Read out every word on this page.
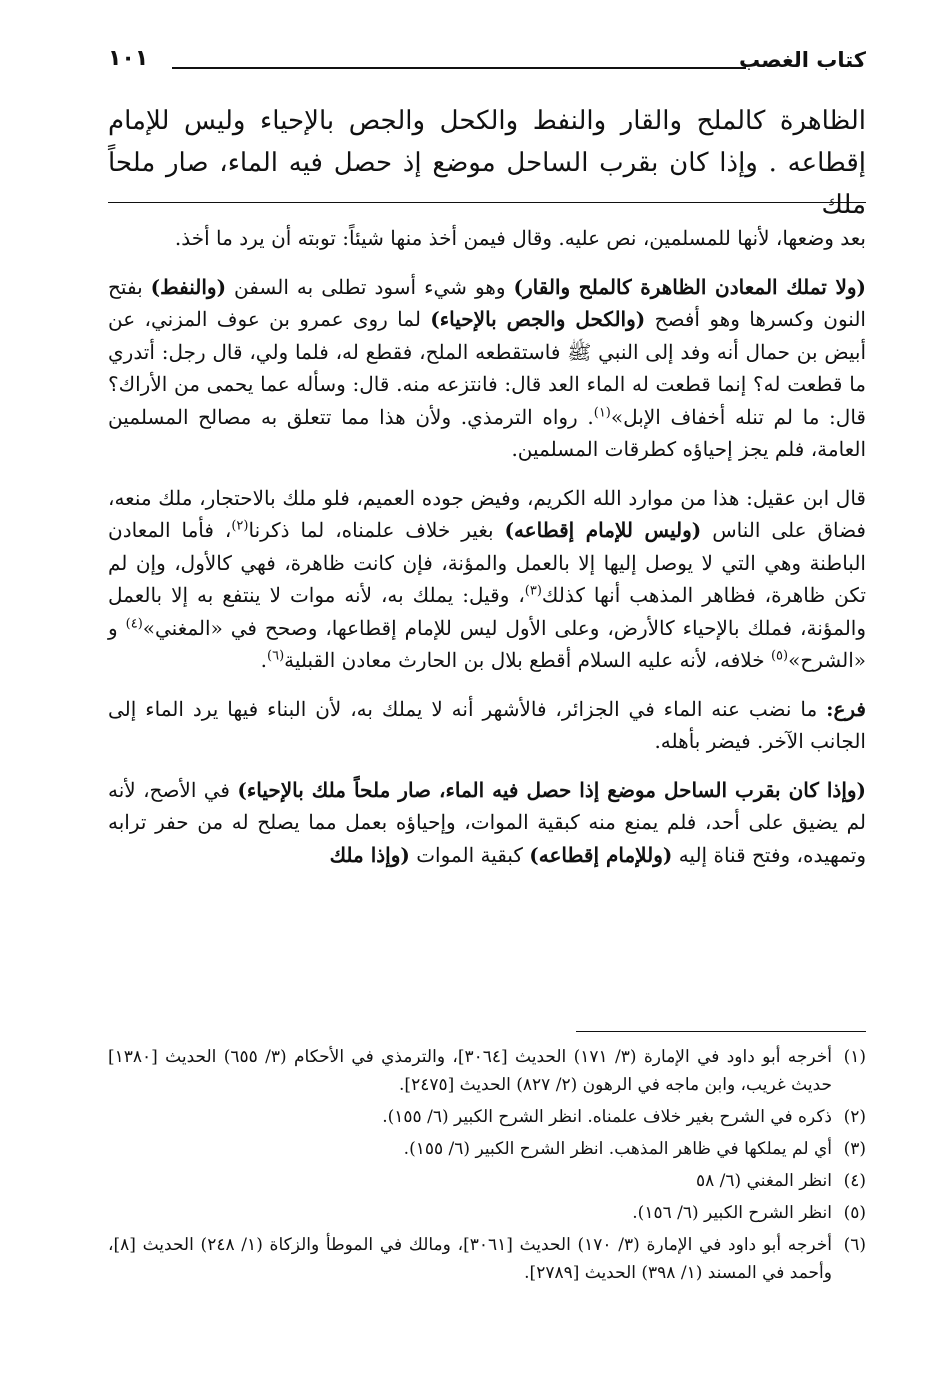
كتاب الغصب
١٠١
الظاهرة كالملح والقار والنفط والكحل والجص بالإحياء وليس للإمام إقطاعه . وإذا كان بقرب الساحل موضع إذ حصل فيه الماء، صار ملحاً ملك

بعد وضعها، لأنها للمسلمين، نص عليه. وقال فيمن أخذ منها شيئاً: توبته أن يرد ما أخذ.

(ولا تملك المعادن الظاهرة كالملح والقار) وهو شيء أسود تطلى به السفن (والنفط) بفتح النون وكسرها وهو أفصح (والكحل والجص بالإحياء) لما روى عمرو بن عوف المزني، عن أبيض بن حمال أنه وفد إلى النبي ﷺ فاستقطعه الملح، فقطع له، فلما ولي، قال رجل: أتدري ما قطعت له؟ إنما قطعت له الماء العد قال: فانتزعه منه. قال: وسأله عما يحمى من الأراك؟ قال: ما لم تنله أخفاف الإبل»$^{(١)}$. رواه الترمذي. ولأن هذا مما تتعلق به مصالح المسلمين العامة، فلم يجز إحياؤه كطرقات المسلمين.

قال ابن عقيل: هذا من موارد الله الكريم، وفيض جوده العميم، فلو ملك بالاحتجار، ملك منعه، فضاق على الناس (وليس للإمام إقطاعه) بغير خلاف علمناه، لما ذكرنا$^{(٢)}$، فأما المعادن الباطنة وهي التي لا يوصل إليها إلا بالعمل والمؤنة، فإن كانت ظاهرة، فهي كالأول، وإن لم تكن ظاهرة، فظاهر المذهب أنها كذلك$^{(٣)}$، وقيل: يملك به، لأنه موات لا ينتفع به إلا بالعمل والمؤنة، فملك بالإحياء كالأرض، وعلى الأول ليس للإمام إقطاعها، وصحح في «المغني»$^{(٤)}$ و «الشرح»$^{(٥)}$ خلافه، لأنه عليه السلام أقطع بلال بن الحارث معادن القبلية$^{(٦)}$.

فرع: ما نضب عنه الماء في الجزائر، فالأشهر أنه لا يملك به، لأن البناء فيها يرد الماء إلى الجانب الآخر. فيضر بأهله.

(وإذا كان بقرب الساحل موضع إذا حصل فيه الماء، صار ملحاً ملك بالإحياء) في الأصح، لأنه لم يضيق على أحد، فلم يمنع منه كبقية الموات، وإحياؤه بعمل مما يصلح له من حفر ترابه وتمهيده، وفتح قناة إليه (وللإمام إقطاعه) كبقية الموات (وإذا ملك

(١)
أخرجه أبو داود في الإمارة (٣/ ١٧١) الحديث [٣٠٦٤]، والترمذي في الأحكام (٣/ ٦٥٥) الحديث [١٣٨٠] حديث غريب، وابن ماجه في الرهون (٢/ ٨٢٧) الحديث [٢٤٧٥].
(٢)
ذكره في الشرح بغير خلاف علمناه. انظر الشرح الكبير (٦/ ١٥٥).
(٣)
أي لم يملكها في ظاهر المذهب. انظر الشرح الكبير (٦/ ١٥٥).
(٤)
انظر المغني (٦/ ٥٨
(٥)
انظر الشرح الكبير (٦/ ١٥٦).
(٦)
أخرجه أبو داود في الإمارة (٣/ ١٧٠) الحديث [٣٠٦١]، ومالك في الموطأ والزكاة (١/ ٢٤٨) الحديث [٨]، وأحمد في المسند (١/ ٣٩٨) الحديث [٢٧٨٩].
